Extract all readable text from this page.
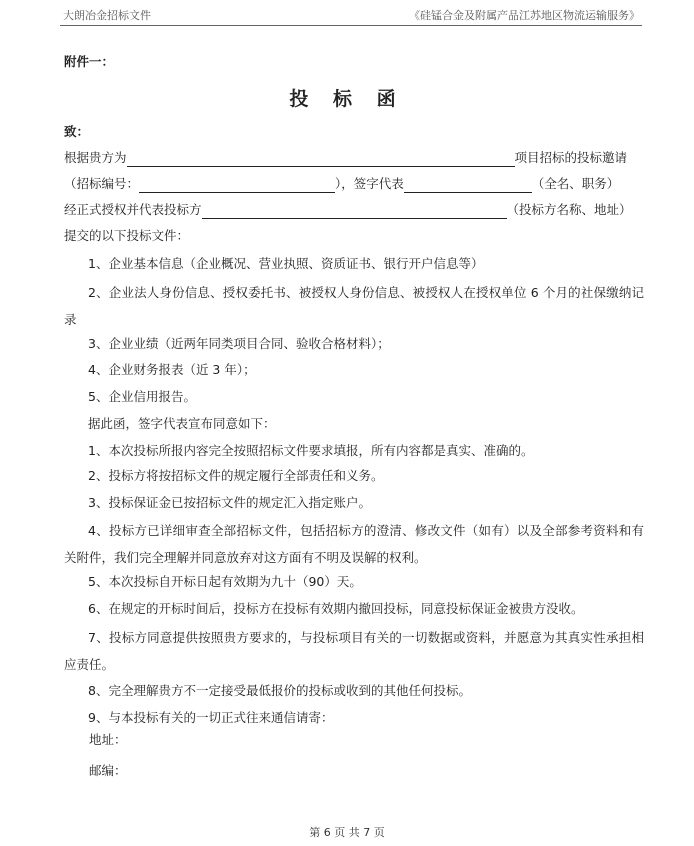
大朗冶金招标文件	《硅锰合金及附属产品江苏地区物流运输服务》
附件一：
投 标 函
致：
根据贵方为	项目招标的投标邀请
（招标编号：	），签字代表	（全名、职务）
经正式授权并代表投标方	（投标方名称、地址）
提交的以下投标文件：
1、企业基本信息（企业概况、营业执照、资质证书、银行开户信息等）
2、企业法人身份信息、授权委托书、被授权人身份信息、被授权人在授权单位 6 个月的社保缴纳记录
3、企业业绩（近两年同类项目合同、验收合格材料）；
4、企业财务报表（近 3 年）；
5、企业信用报告。
据此函，签字代表宣布同意如下：
1、本次投标所报内容完全按照招标文件要求填报，所有内容都是真实、准确的。
2、投标方将按招标文件的规定履行全部责任和义务。
3、投标保证金已按招标文件的规定汇入指定账户。
4、投标方已详细审查全部招标文件，包括招标方的澄清、修改文件（如有）以及全部参考资料和有关附件，我们完全理解并同意放弃对这方面有不明及误解的权利。
5、本次投标自开标日起有效期为九十（90）天。
6、在规定的开标时间后，投标方在投标有效期内撤回投标，同意投标保证金被贵方没收。
7、投标方同意提供按照贵方要求的，与投标项目有关的一切数据或资料，并愿意为其真实性承担相应责任。
8、完全理解贵方不一定接受最低报价的投标或收到的其他任何投标。
9、与本投标有关的一切正式往来通信请寄：
地址：
邮编：
第 6 页 共 7 页
